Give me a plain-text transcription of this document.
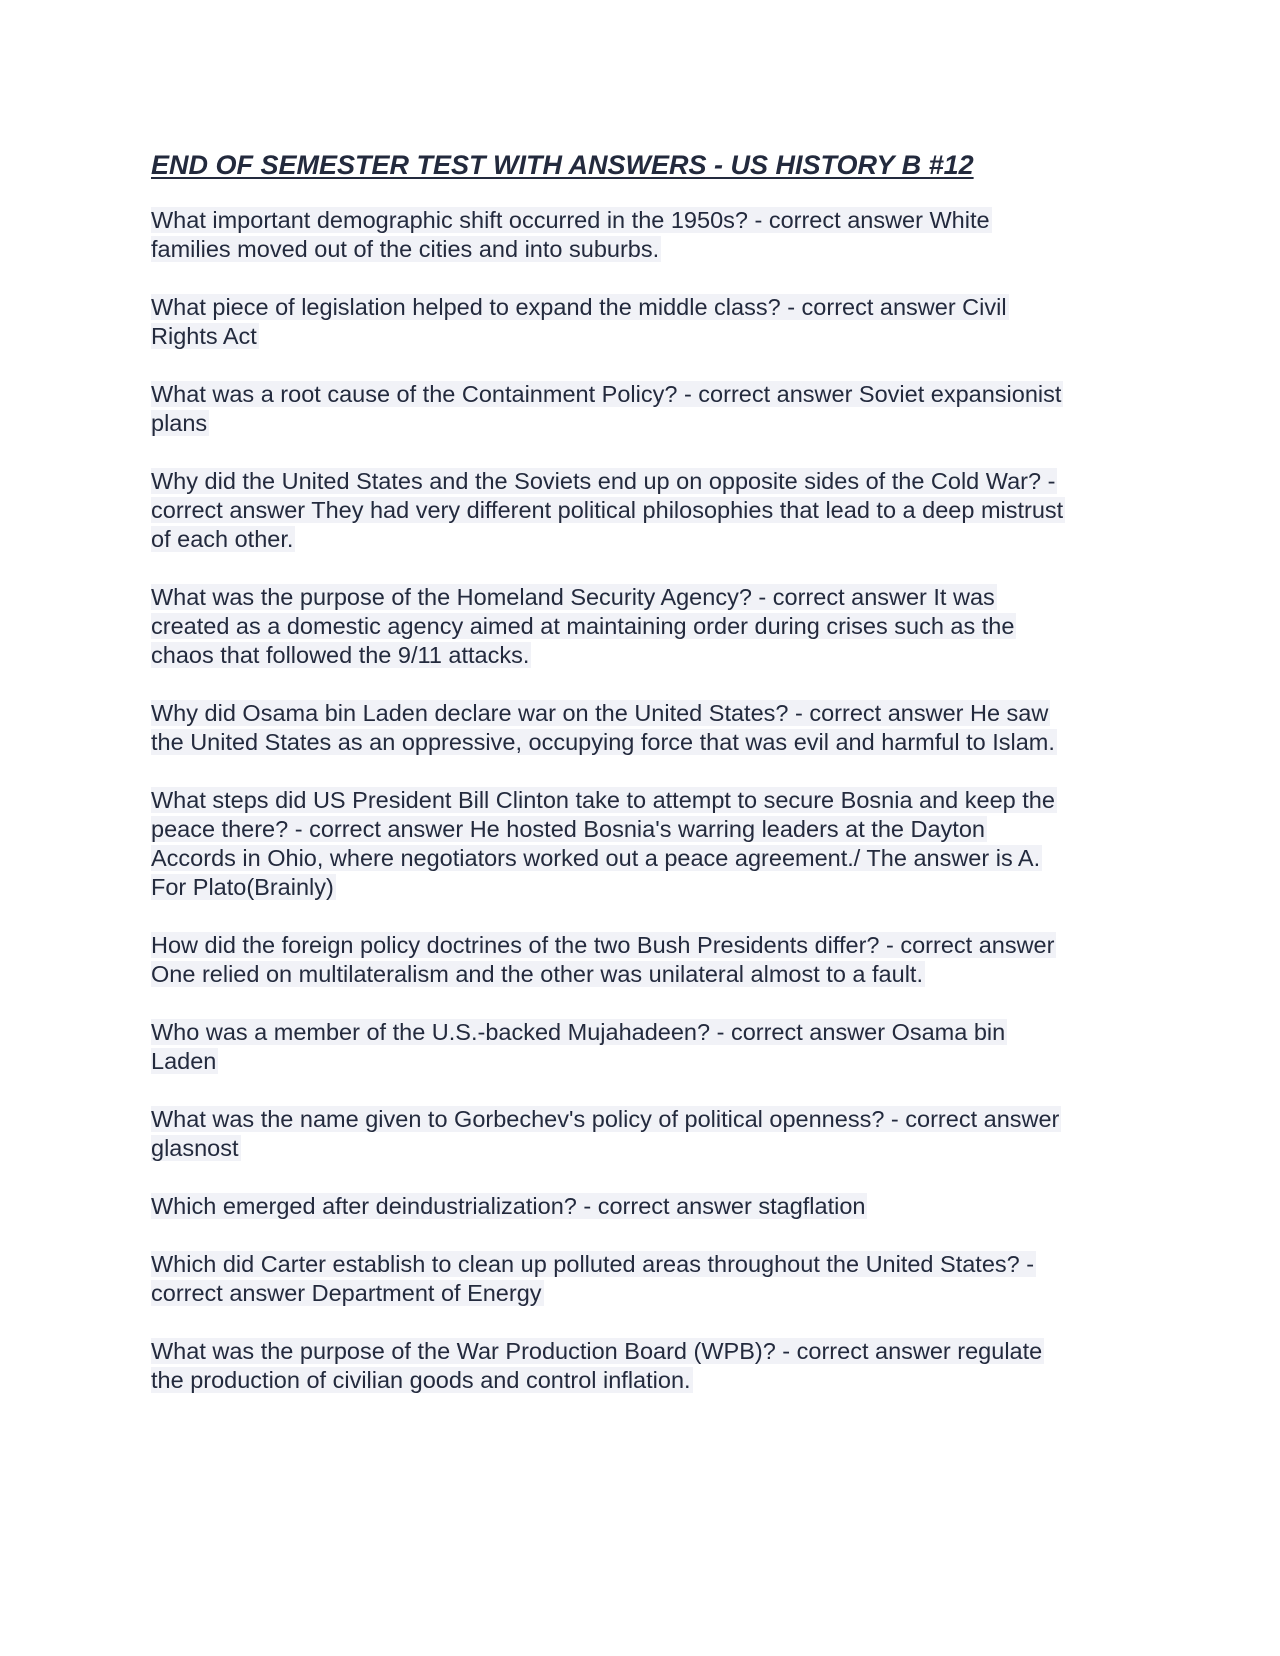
END OF SEMESTER TEST WITH ANSWERS - US HISTORY B #12
What important demographic shift occurred in the 1950s? - correct answer White
families moved out of the cities and into suburbs.
What piece of legislation helped to expand the middle class? - correct answer Civil
Rights Act
What was a root cause of the Containment Policy? - correct answer Soviet expansionist
plans
Why did the United States and the Soviets end up on opposite sides of the Cold War? -
correct answer They had very different political philosophies that lead to a deep mistrust
of each other.
What was the purpose of the Homeland Security Agency? - correct answer It was
created as a domestic agency aimed at maintaining order during crises such as the
chaos that followed the 9/11 attacks.
Why did Osama bin Laden declare war on the United States? - correct answer He saw
the United States as an oppressive, occupying force that was evil and harmful to Islam.
What steps did US President Bill Clinton take to attempt to secure Bosnia and keep the
peace there? - correct answer He hosted Bosnia's warring leaders at the Dayton
Accords in Ohio, where negotiators worked out a peace agreement./ The answer is A.
For Plato(Brainly)
How did the foreign policy doctrines of the two Bush Presidents differ? - correct answer
One relied on multilateralism and the other was unilateral almost to a fault.
Who was a member of the U.S.-backed Mujahadeen? - correct answer Osama bin
Laden
What was the name given to Gorbechev's policy of political openness? - correct answer
glasnost
Which emerged after deindustrialization? - correct answer stagflation
Which did Carter establish to clean up polluted areas throughout the United States? -
correct answer Department of Energy
What was the purpose of the War Production Board (WPB)? - correct answer regulate
the production of civilian goods and control inflation.
